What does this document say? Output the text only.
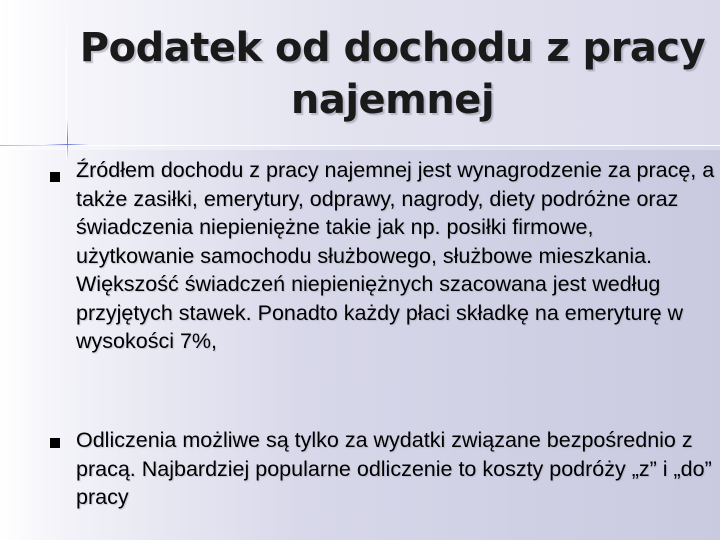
Podatek od dochodu z pracy najemnej

Źródłem dochodu z pracy najemnej jest wynagrodzenie za pracę, a także zasiłki, emerytury, odprawy, nagrody, diety podróżne oraz świadczenia niepieniężne takie jak np. posiłki firmowe, użytkowanie samochodu służbowego, służbowe mieszkania. Większość świadczeń niepieniężnych szacowana jest według przyjętych stawek. Ponadto każdy płaci składkę na emeryturę w wysokości 7%,

Odliczenia możliwe są tylko za wydatki związane bezpośrednio z pracą. Najbardziej popularne odliczenie to koszty podróży „z” i „do” pracy
